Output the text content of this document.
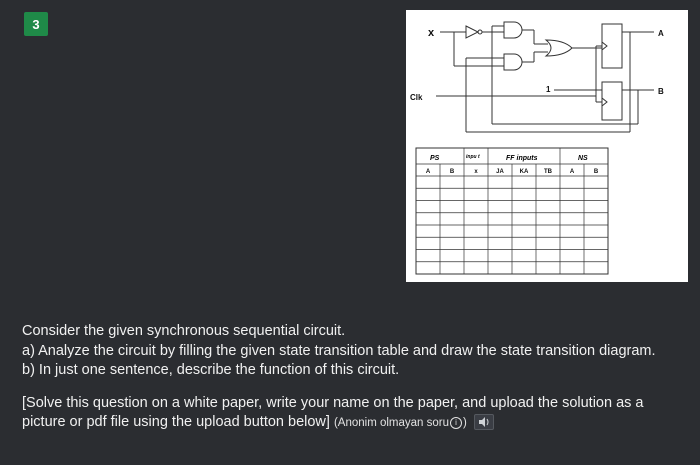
3
x
Clk
1
A
B
PS	inpu t	FF inputs	NS
A	B	x	JA	KA	TB	A	B

Consider the given synchronous sequential circuit.

a) Analyze the circuit by filling the given state transition table and draw the state transition diagram.

b) In just one sentence, describe the function of this circuit.

[Solve this question on a white paper, write your name on the paper, and upload the solution as a picture or pdf file using the upload button below] (Anonim olmayan soru i )
